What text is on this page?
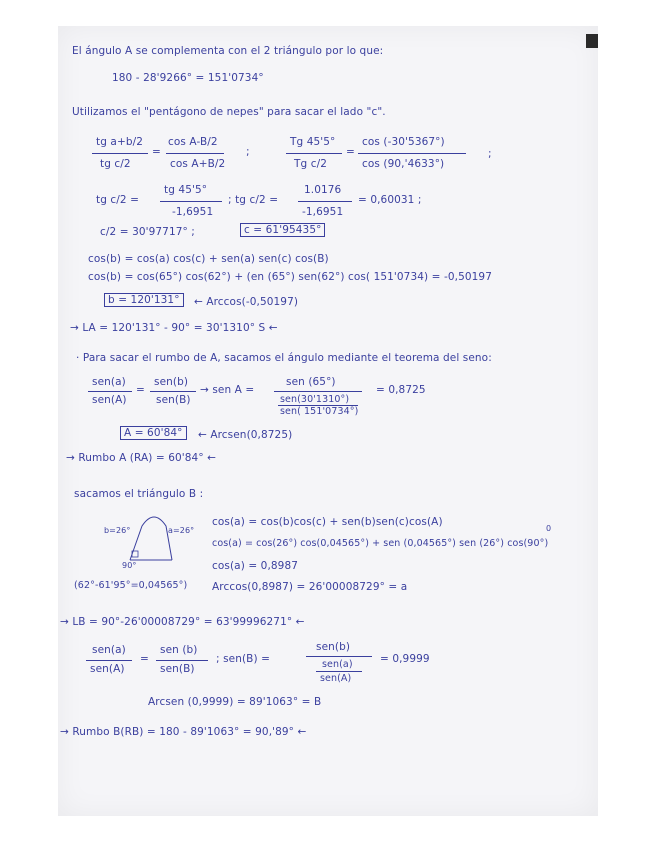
El ángulo A se complementa con el 2 triángulo por lo que:
180 - 28'9266° = 151'0734°
Utilizamos el "pentágono de nepes" para sacar el lado "c".
tg a+b/2
tg c/2
=
cos A-B/2
cos A+B/2
;
Tg 45'5°
Tg c/2
=
cos (-30'5367°)
cos (90,'4633°)
;
tg c/2 =
tg 45'5°
-1,6951
; tg c/2 =
1.0176
-1,6951
= 0,60031 ;
c/2 = 30'97717° ;	c = 61'95435°
cos(b) = cos(a) cos(c) + sen(a) sen(c) cos(B)
cos(b) = cos(65°) cos(62°) + (en (65°) sen(62°) cos( 151'0734) = -0,50197
b = 120'131°	← Arccos(-0,50197)
→ LA = 120'131° - 90° = 30'1310° S ←
· Para sacar el rumbo de A, sacamos el ángulo mediante el teorema del seno:
sen(a)
sen(A)
=
sen(b)
sen(B)
→ sen A =
sen (65°)
sen(30'1310°)
sen( 151'0734°)
= 0,8725
A = 60'84°	← Arcsen(0,8725)
→ Rumbo A (RA) = 60'84° ←
sacamos el triángulo B :
b=26°	a=26°
90°
cos(a) = cos(b)cos(c) + sen(b)sen(c)cos(A)
cos(a) = cos(26°) cos(0,04565°) + sen (0,04565°) sen (26°) cos(90°)
0
cos(a) = 0,8987
(62°-61'95°=0,04565°) Arccos(0,8987) = 26'00008729° = a
→ LB = 90°-26'00008729° = 63'99996271° ←
sen(a)
sen(A)
=
sen (b)
sen(B)
; sen(B) =
sen(b)
sen(a)
sen(A)
= 0,9999
Arcsen (0,9999) = 89'1063° = B
→ Rumbo B(RB) = 180 - 89'1063° = 90,'89° ←
